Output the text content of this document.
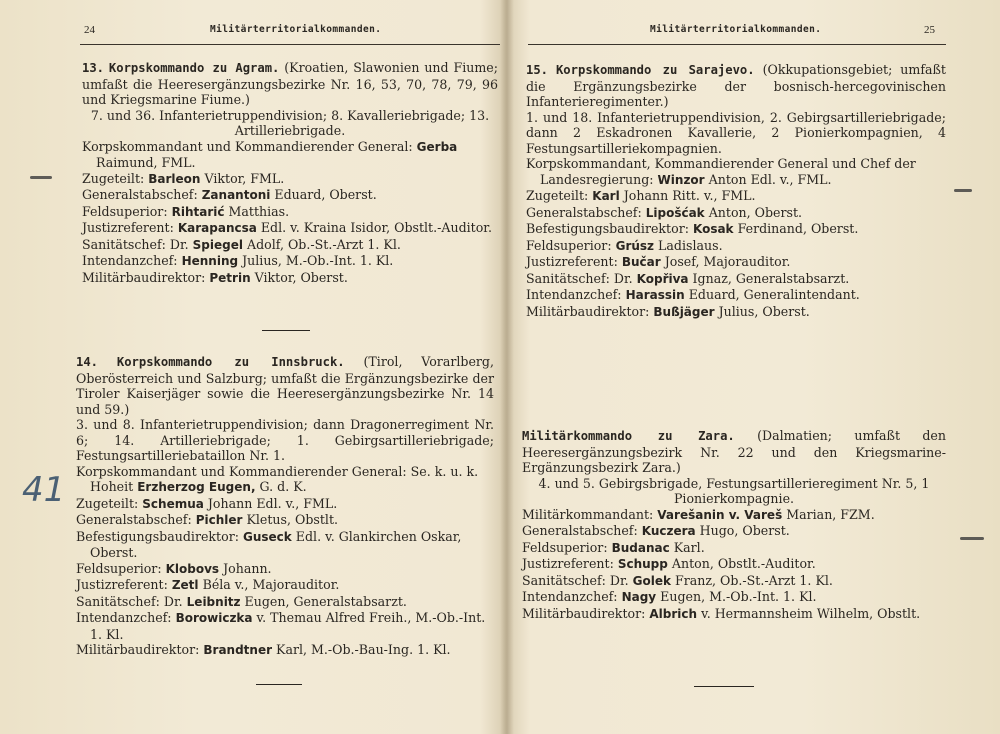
24	Militärterritorialkommanden.

13. Korpskommando zu Agram. (Kroatien, Slawonien und Fiume; umfaßt die Heeresergänzungsbezirke Nr. 16, 53, 70, 78, 79, 96 und Kriegsmarine Fiume.)

7. und 36. Infanterietruppendivision; 8. Kavalleriebrigade; 13. Artilleriebrigade.

Korpskommandant und Kommandierender General: Gerba Raimund, FML.

Zugeteilt: Barleon Viktor, FML.

Generalstabschef: Zanantoni Eduard, Oberst.

Feldsuperior: Rihtarić Matthias.

Justizreferent: Karapancsa Edl. v. Kraina Isidor, Obstlt.-Auditor.

Sanitätschef: Dr. Spiegel Adolf, Ob.-St.-Arzt 1. Kl.

Intendanzchef: Henning Julius, M.-Ob.-Int. 1. Kl.

Militärbaudirektor: Petrin Viktor, Oberst.

14. Korpskommando zu Innsbruck. (Tirol, Vorarlberg, Oberösterreich und Salzburg; umfaßt die Ergänzungsbezirke der Tiroler Kaiserjäger sowie die Heeresergänzungsbezirke Nr. 14 und 59.)

3. und 8. Infanterietruppendivision; dann Dragonerregiment Nr. 6; 14. Artilleriebrigade; 1. Gebirgsartilleriebrigade; Festungsartilleriebataillon Nr. 1.

Korpskommandant und Kommandierender General: Se. k. u. k. Hoheit Erzherzog Eugen, G. d. K.

Zugeteilt: Schemua Johann Edl. v., FML.

Generalstabschef: Pichler Kletus, Obstlt.

Befestigungsbaudirektor: Guseck Edl. v. Glankirchen Oskar, Oberst.

Feldsuperior: Klobovs Johann.

Justizreferent: Zetl Béla v., Majorauditor.

Sanitätschef: Dr. Leibnitz Eugen, Generalstabsarzt.

Intendanzchef: Borowiczka v. Themau Alfred Freih., M.-Ob.-Int. 1. Kl.

Militärbaudirektor: Brandtner Karl, M.-Ob.-Bau-Ing. 1. Kl.

41
Militärterritorialkommanden.	25

15. Korpskommando zu Sarajevo. (Okkupationsgebiet; umfaßt die Ergänzungsbezirke der bosnisch-hercegovinischen Infanterieregimenter.)

1. und 18. Infanterietruppendivision, 2. Gebirgsartilleriebrigade; dann 2 Eskadronen Kavallerie, 2 Pionierkompagnien, 4 Festungsartilleriekompagnien.

Korpskommandant, Kommandierender General und Chef der Landesregierung: Winzor Anton Edl. v., FML.

Zugeteilt: Karl Johann Ritt. v., FML.

Generalstabschef: Lipošćak Anton, Oberst.

Befestigungsbaudirektor: Kosak Ferdinand, Oberst.

Feldsuperior: Grúsz Ladislaus.

Justizreferent: Bučar Josef, Majorauditor.

Sanitätschef: Dr. Kopřiva Ignaz, Generalstabsarzt.

Intendanzchef: Harassin Eduard, Generalintendant.

Militärbaudirektor: Bußjäger Julius, Oberst.

Militärkommando zu Zara. (Dalmatien; umfaßt den Heeresergänzungsbezirk Nr. 22 und den Kriegsmarine-Ergänzungsbezirk Zara.)

4. und 5. Gebirgsbrigade, Festungsartillerieregiment Nr. 5, 1 Pionierkompagnie.

Militärkommandant: Varešanin v. Vareš Marian, FZM.

Generalstabschef: Kuczera Hugo, Oberst.

Feldsuperior: Budanac Karl.

Justizreferent: Schupp Anton, Obstlt.-Auditor.

Sanitätschef: Dr. Golek Franz, Ob.-St.-Arzt 1. Kl.

Intendanzchef: Nagy Eugen, M.-Ob.-Int. 1. Kl.

Militärbaudirektor: Albrich v. Hermannsheim Wilhelm, Obstlt.
